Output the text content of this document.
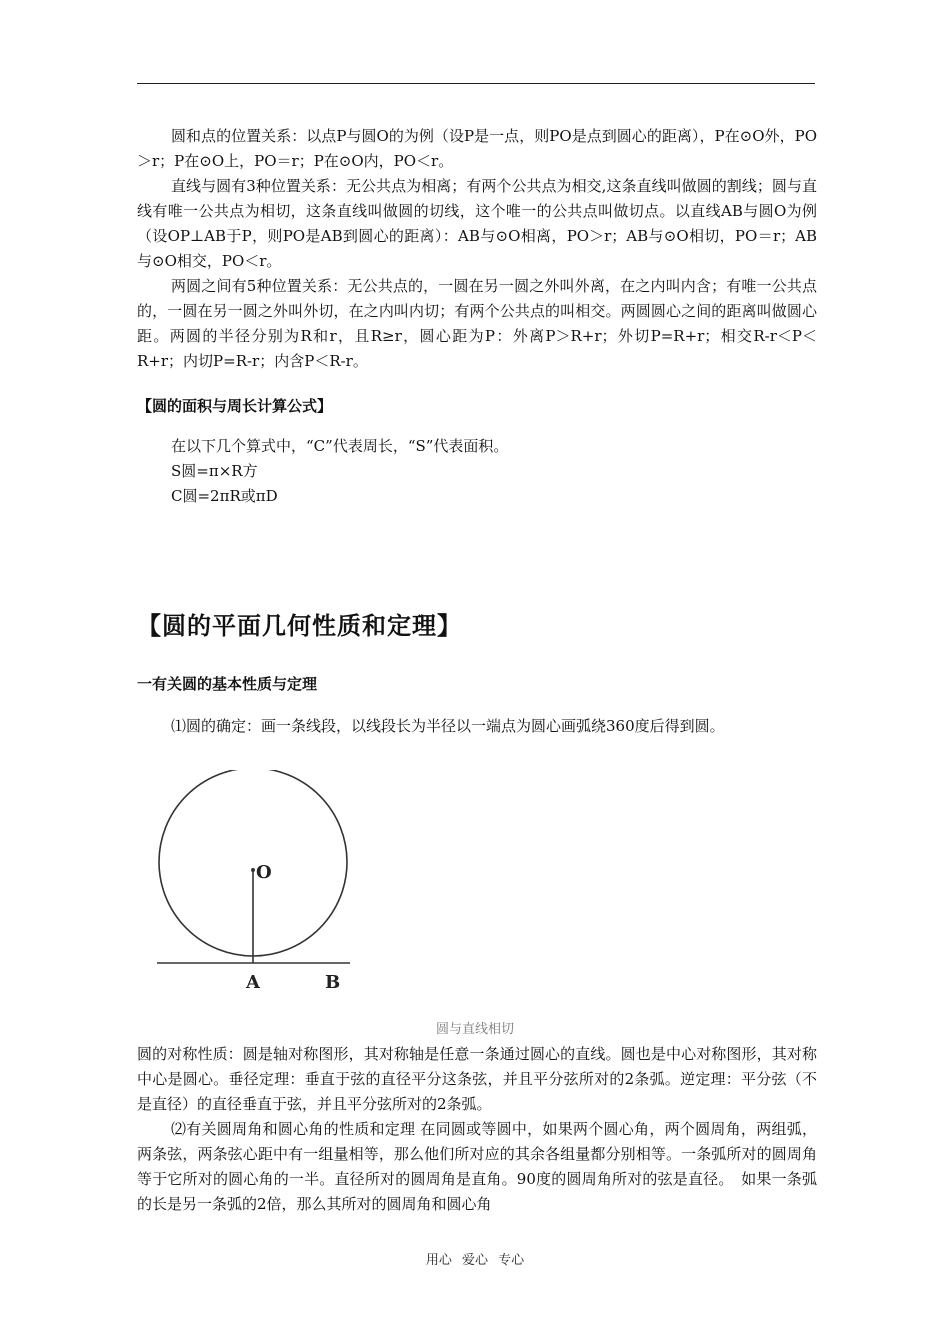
圆和点的位置关系：以点P与圆O的为例（设P是一点，则PO是点到圆心的距离），P在⊙O外，PO＞r；P在⊙O上，PO＝r；P在⊙O内，PO＜r。

直线与圆有3种位置关系：无公共点为相离；有两个公共点为相交,这条直线叫做圆的割线；圆与直线有唯一公共点为相切，这条直线叫做圆的切线，这个唯一的公共点叫做切点。以直线AB与圆O为例（设OP⊥AB于P，则PO是AB到圆心的距离）：AB与⊙O相离，PO＞r；AB与⊙O相切，PO＝r；AB与⊙O相交，PO＜r。

两圆之间有5种位置关系：无公共点的，一圆在另一圆之外叫外离，在之内叫内含；有唯一公共点的，一圆在另一圆之外叫外切，在之内叫内切；有两个公共点的叫相交。两圆圆心之间的距离叫做圆心距。两圆的半径分别为R和r，且R≥r，圆心距为P：外离P＞R+r；外切P=R+r；相交R-r＜P＜R+r；内切P=R-r；内含P＜R-r。

【圆的面积与周长计算公式】

在以下几个算式中，“C”代表周长，“S”代表面积。

S圆=π×R方

C圆=2πR或πD

【圆的平面几何性质和定理】
一有关圆的基本性质与定理

⑴圆的确定：画一条线段，以线段长为半径以一端点为圆心画弧绕360度后得到圆。

O
A	B
圆与直线相切

圆的对称性质：圆是轴对称图形，其对称轴是任意一条通过圆心的直线。圆也是中心对称图形，其对称中心是圆心。垂径定理：垂直于弦的直径平分这条弦，并且平分弦所对的2条弧。逆定理：平分弦（不是直径）的直径垂直于弦，并且平分弦所对的2条弧。

⑵有关圆周角和圆心角的性质和定理 在同圆或等圆中，如果两个圆心角，两个圆周角，两组弧，两条弦，两条弦心距中有一组量相等，那么他们所对应的其余各组量都分别相等。一条弧所对的圆周角等于它所对的圆心角的一半。直径所对的圆周角是直角。90度的圆周角所对的弦是直径。　如果一条弧的长是另一条弧的2倍，那么其所对的圆周角和圆心角

用心 爱心 专心
